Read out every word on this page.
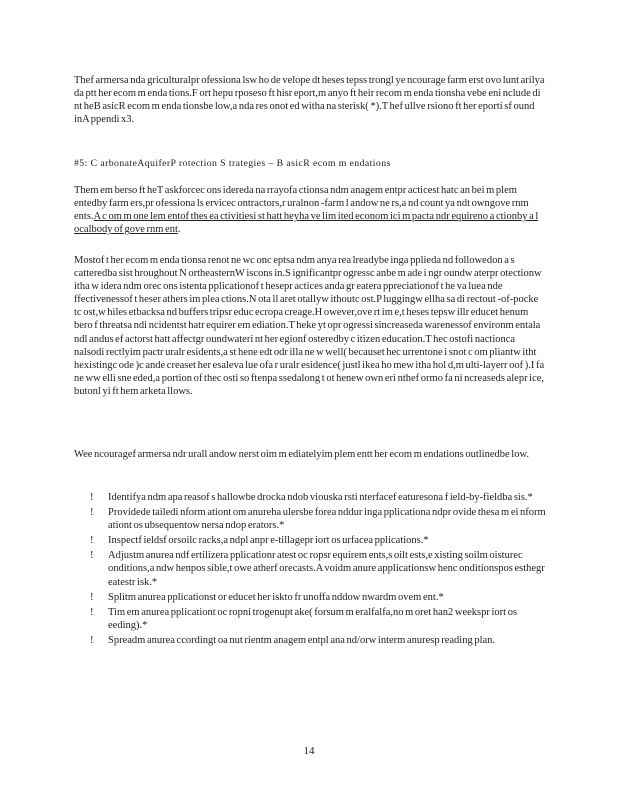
Thef armersa nda griculturalpr ofessiona lsw ho de velope dt heses tepss trongl ye ncourage farm erst ovo lunt arilya da ptt her ecom m enda tions.F ort hepu rposeso ft hisr eport,m anyo ft heir recom m enda tionsha vebe eni nclude di nt heB asicR ecom m enda tionsbe low,a nda res onot ed witha na sterisk( *).T hef ullve rsiono ft her eporti sf ound inA ppendi x3.

#5: C arbonateAquiferP rotection S trategies – B asicR ecom m endations

Them em berso ft heT askforcec ons idereda na rrayofa ctionsa ndm anagem entpr acticest hatc an bei m plem entedby farm ers,pr ofessiona ls ervicec ontractors,r uralnon -farm l andow ne rs,a nd count ya ndt owngove rnm ents.A c om m one lem entof thes ea ctivitiesi st hatt heyha ve lim ited econom ici m pacta ndr equireno a ctionby a l ocalbody of gove rnm ent.

Mostof t her ecom m enda tionsa renot ne wc onc eptsa ndm anya rea lreadybe inga pplieda nd followedon a s catteredba sist hroughout N ortheasternW iscons in.S ignificantpr ogressc anbe m ade i ngr oundw aterpr otectionw itha w idera ndm orec ons istenta pplicationof t hesepr actices anda gr eatera ppreciationof t he va luea nde ffectivenessof t heser athers im plea ctions.N ota ll aret otallyw ithoutc ost.P luggingw ellha sa di rectout -of-pocke tc ost,w hiles etbacksa nd buffers tripsr educ ecropa creage.H owever,ove rt im e,t heses tepsw illr educet henum bero f threatsa ndi ncidentst hatr equirer em ediation.T heke yt opr ogressi sincreaseda warenessof environm entala ndl andus ef actorst hatt affectgr oundwateri nt her egionf osteredby c itizen education.T hec ostofi nactionca nalsodi rectlyim pactr uralr esidents,a st hene edt odr illa ne w well( becauset hec urrentone i snot c om pliantw itht hexistingc ode )c ande creaset her esaleva lue ofa r uralr esidence( justl ikea ho mew itha hol d,m ulti-layerr oof ).I fa ne ww elli sne eded,a portion of thec osti so ftenpa ssedalong t ot henew own eri nthef ormo fa ni ncreaseds alepr ice, butonl yi ft hem arketa llows.

Wee ncouragef armersa ndr urall andow nerst oim m ediatelyim plem entt her ecom m endations outlinedbe low.

! Identifya ndm apa reasof s hallowbe drocka ndob viouska rsti nterfacef eaturesona f ield-by-fieldba sis.*
! Providede tailedi nform ationt om anureha ulersbe forea nddur inga pplicationa ndpr ovide thesa m ei nform ationt os ubsequentow nersa ndop erators.*
! Inspectf ieldsf orsoilc racks,a ndpl anpr e-tillagepr iort os urfacea pplications.*
! Adjustm anurea ndf ertilizera pplicationr atest oc ropsr equirem ents,s oilt ests,e xisting soilm oisturec onditions,a ndw henpos sible,t owe atherf orecasts.A voidm anure applicationsw henc onditionspos esthegr eatestr isk.*
! Splitm anurea pplicationst or educet her iskto fr unoffa nddow nwardm ovem ent.*
! Tim em anurea pplicationt oc ropni trogenupt ake( forsum m eralfalfa,no m oret han2 weekspr iort os eeding).*
! Spreadm anurea ccordingt oa nut rientm anagem entpl ana nd/orw interm anuresp reading plan.
14
